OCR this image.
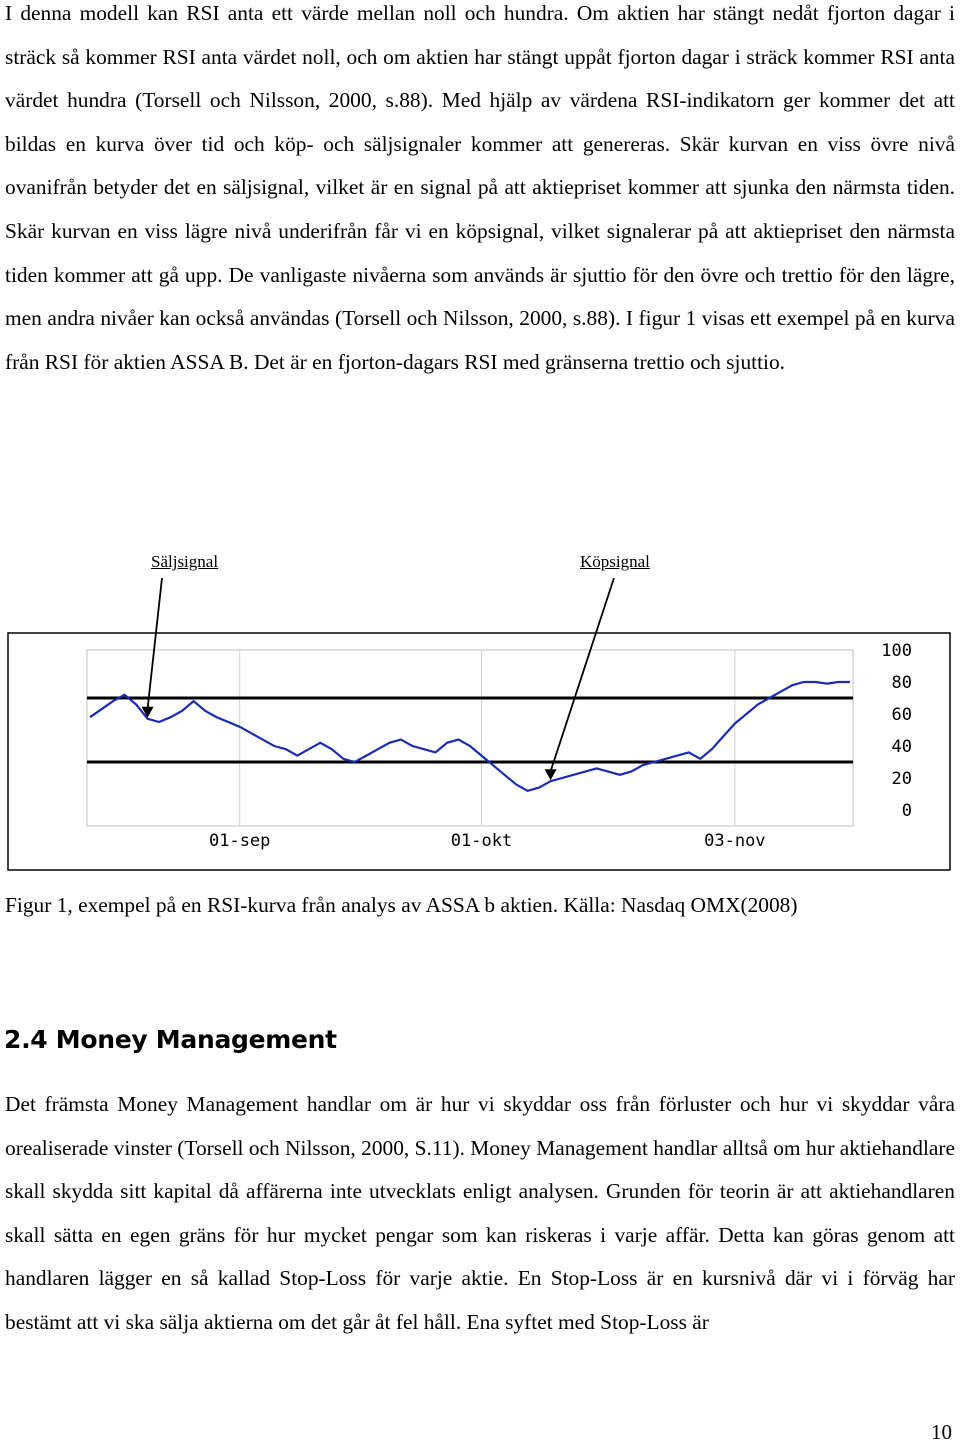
I denna modell kan RSI anta ett värde mellan noll och hundra. Om aktien har stängt nedåt fjorton dagar i sträck så kommer RSI anta värdet noll, och om aktien har stängt uppåt fjorton dagar i sträck kommer RSI anta värdet hundra (Torsell och Nilsson, 2000, s.88). Med hjälp av värdena RSI-indikatorn ger kommer det att bildas en kurva över tid och köp- och säljsignaler kommer att genereras. Skär kurvan en viss övre nivå ovanifrån betyder det en säljsignal, vilket är en signal på att aktiepriset kommer att sjunka den närmsta tiden. Skär kurvan en viss lägre nivå underifrån får vi en köpsignal, vilket signalerar på att aktiepriset den närmsta tiden kommer att gå upp. De vanligaste nivåerna som används är sjuttio för den övre och trettio för den lägre, men andra nivåer kan också användas (Torsell och Nilsson, 2000, s.88). I figur 1 visas ett exempel på en kurva från RSI för aktien ASSA B. Det är en fjorton-dagars RSI med gränserna trettio och sjuttio.

Säljsignal	Köpsignal

100
80
60
40
20
0
01-sep	01-okt	03-nov

Figur 1, exempel på en RSI-kurva från analys av ASSA b aktien. Källa: Nasdaq OMX(2008)

2.4 Money Management

Det främsta Money Management handlar om är hur vi skyddar oss från förluster och hur vi skyddar våra orealiserade vinster (Torsell och Nilsson, 2000, S.11). Money Management handlar alltså om hur aktiehandlare skall skydda sitt kapital då affärerna inte utvecklats enligt analysen. Grunden för teorin är att aktiehandlaren skall sätta en egen gräns för hur mycket pengar som kan riskeras i varje affär. Detta kan göras genom att handlaren lägger en så kallad Stop-Loss för varje aktie. En Stop-Loss är en kursnivå där vi i förväg har bestämt att vi ska sälja aktierna om det går åt fel håll. Ena syftet med Stop-Loss är

10
